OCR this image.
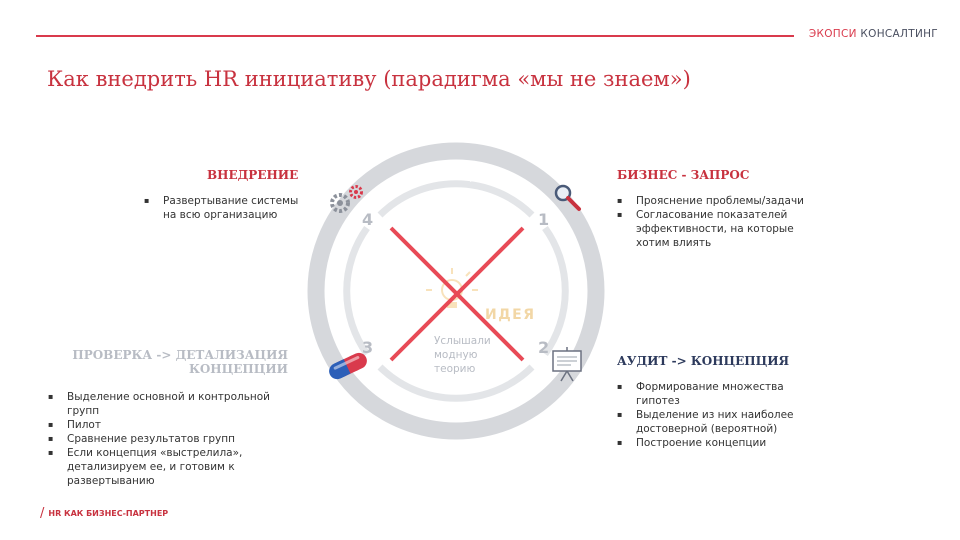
ЭКОПСИ КОНСАЛТИНГ
Как внедрить HR инициативу (парадигма «мы не знаем»)
4	1
2
3
ИДЕЯ
Услышали модную теорию
ВНЕДРЕНИЕ
▪ Развертывание системы на всю организацию
БИЗНЕС - ЗАПРОС
▪ Прояснение проблемы/задачи
▪ Согласование показателей эффективности, на которые хотим влиять
АУДИТ -> КОНЦЕПЦИЯ
▪ Формирование множества гипотез
▪ Выделение из них наиболее достоверной (вероятной)
▪ Построение концепции
ПРОВЕРКА -> ДЕТАЛИЗАЦИЯ
КОНЦЕПЦИИ
▪ Выделение основной и контрольной групп
▪ Пилот
▪ Сравнение результатов групп
▪ Если концепция «выстрелила», детализируем ее, и готовим к развертыванию
/ HR КАК БИЗНЕС-ПАРТНЕР
